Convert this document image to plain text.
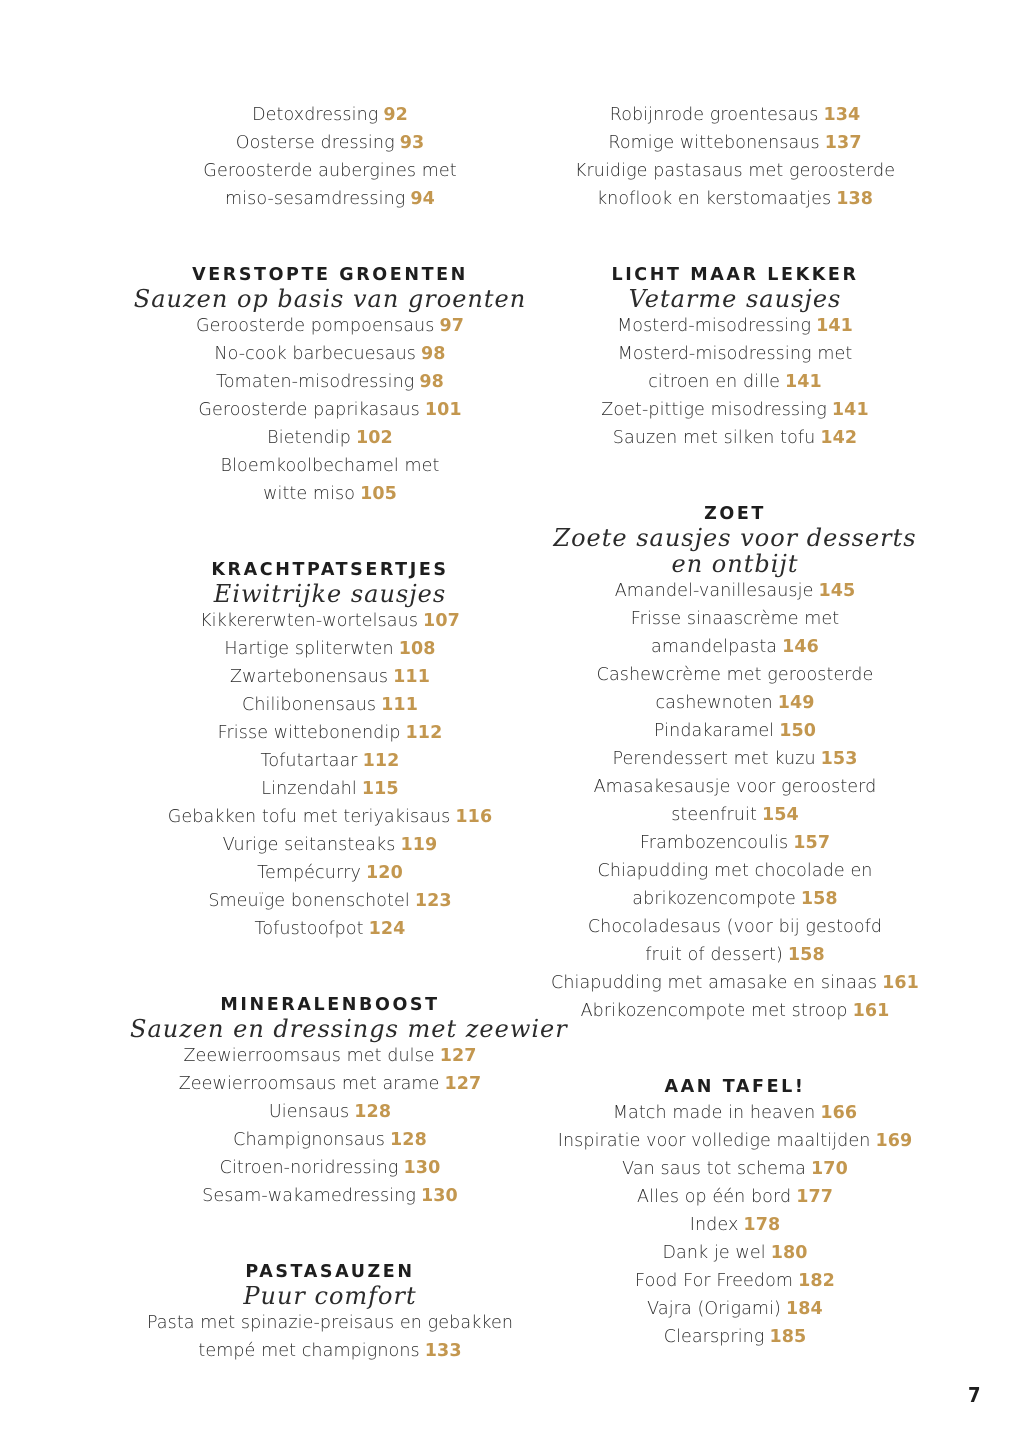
Detoxdressing 92
Oosterse dressing 93
Geroosterde aubergines met
miso-sesamdressing 94
VERSTOPTE GROENTEN
Sauzen op basis van groenten
Geroosterde pompoensaus 97
No-cook barbecuesaus 98
Tomaten-misodressing 98
Geroosterde paprikasaus 101
Bietendip 102
Bloemkoolbechamel met
witte miso 105
KRACHTPATSERTJES
Eiwitrijke sausjes
Kikkererwten-wortelsaus 107
Hartige spliterwten 108
Zwartebonensaus 111
Chilibonensaus 111
Frisse wittebonendip 112
Tofutartaar 112
Linzendahl 115
Gebakken tofu met teriyakisaus 116
Vurige seitansteaks 119
Tempécurry 120
Smeuïge bonenschotel 123
Tofustoofpot 124
MINERALENBOOST
Sauzen en dressings met zeewier
Zeewierroomsaus met dulse 127
Zeewierroomsaus met arame 127
Uiensaus 128
Champignonsaus 128
Citroen-noridressing 130
Sesam-wakamedressing 130
PASTASAUZEN
Puur comfort
Pasta met spinazie-preisaus en gebakken
tempé met champignons 133
Robijnrode groentesaus 134
Romige wittebonensaus 137
Kruidige pastasaus met geroosterde
knoflook en kerstomaatjes 138
LICHT MAAR LEKKER
Vetarme sausjes
Mosterd-misodressing 141
Mosterd-misodressing met
citroen en dille 141
Zoet-pittige misodressing 141
Sauzen met silken tofu 142
ZOET
Zoete sausjes voor desserts en ontbijt
Amandel-vanillesausje 145
Frisse sinaascrème met
amandelpasta 146
Cashewcrème met geroosterde
cashewnoten 149
Pindakaramel 150
Perendessert met kuzu 153
Amasakesausje voor geroosterd
steenfruit 154
Frambozencoulis 157
Chiapudding met chocolade en
abrikozencompote 158
Chocoladesaus (voor bij gestoofd
fruit of dessert) 158
Chiapudding met amasake en sinaas 161
Abrikozencompote met stroop 161
AAN TAFEL!
Match made in heaven 166
Inspiratie voor volledige maaltijden 169
Van saus tot schema 170
Alles op één bord 177
Index 178
Dank je wel 180
Food For Freedom 182
Vajra (Origami) 184
Clearspring 185
7
